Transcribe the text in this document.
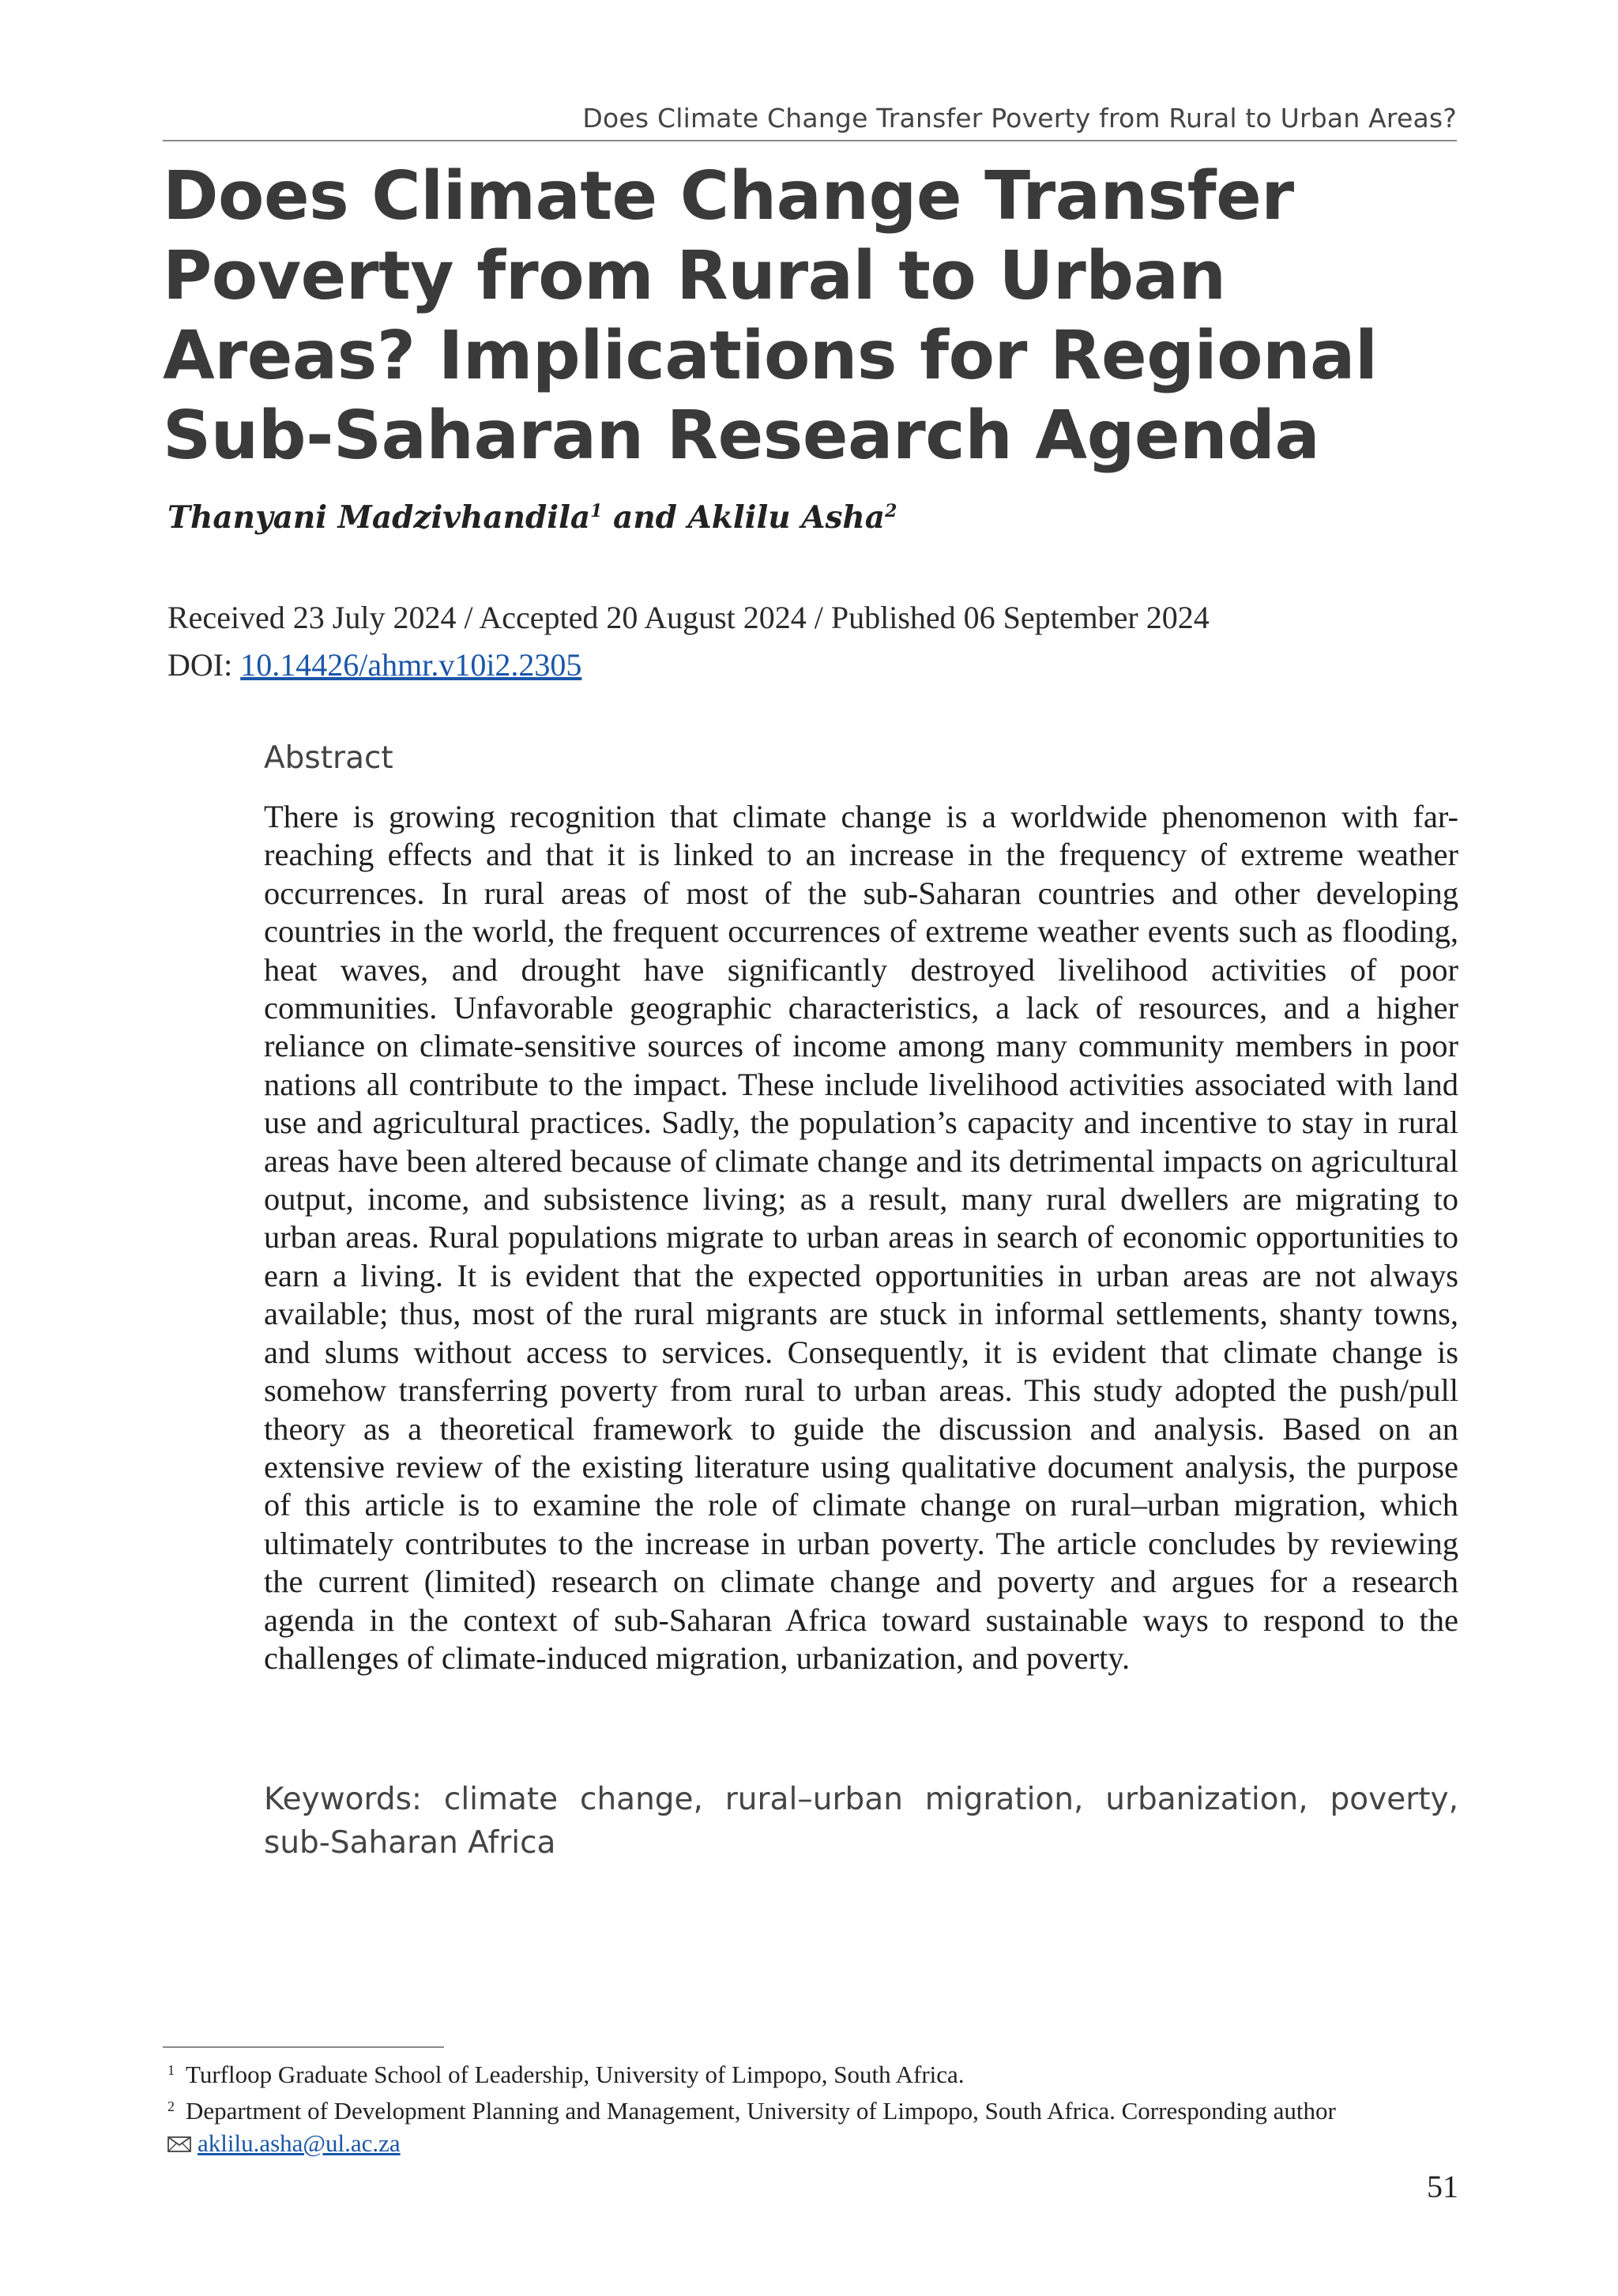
Does Climate Change Transfer Poverty from Rural to Urban Areas?
Does Climate Change Transfer
Poverty from Rural to Urban
Areas? Implications for Regional
Sub-Saharan Research Agenda
Thanyani Madzivhandila$^1$ and Aklilu Asha$^2$
Received 23 July 2024 / Accepted 20 August 2024 / Published 06 September 2024
DOI: 10.14426/ahmr.v10i2.2305
Abstract

There is growing recognition that climate change is a worldwide phenomenon with far-reaching effects and that it is linked to an increase in the frequency of extreme weather occurrences. In rural areas of most of the sub-Saharan countries and other developing countries in the world, the frequent occurrences of extreme weather events such as flooding, heat waves, and drought have significantly destroyed livelihood activities of poor communities. Unfavorable geographic characteristics, a lack of resources, and a higher reliance on climate-sensitive sources of income among many community members in poor nations all contribute to the impact. These include livelihood activities associated with land use and agricultural practices. Sadly, the population’s capacity and incentive to stay in rural areas have been altered because of climate change and its detrimental impacts on agricultural output, income, and subsistence living; as a result, many rural dwellers are migrating to urban areas. Rural populations migrate to urban areas in search of economic opportunities to earn a living. It is evident that the expected opportunities in urban areas are not always available; thus, most of the rural migrants are stuck in informal settlements, shanty towns, and slums without access to services. Consequently, it is evident that climate change is somehow transferring poverty from rural to urban areas. This study adopted the push/pull theory as a theoretical framework to guide the discussion and analysis. Based on an extensive review of the existing literature using qualitative document analysis, the purpose of this article is to examine the role of climate change on rural–urban migration, which ultimately contributes to the increase in urban poverty. The article concludes by reviewing the current (limited) research on climate change and poverty and argues for a research agenda in the context of sub-Saharan Africa toward sustainable ways to respond to the challenges of climate-induced migration, urbanization, and poverty.

Keywords: climate change, rural–urban migration, urbanization, poverty, sub-Saharan Africa

$^1$ Turfloop Graduate School of Leadership, University of Limpopo, South Africa.

$^2$ Department of Development Planning and Management, University of Limpopo, South Africa. Corresponding author

aklilu.asha@ul.ac.za

51
